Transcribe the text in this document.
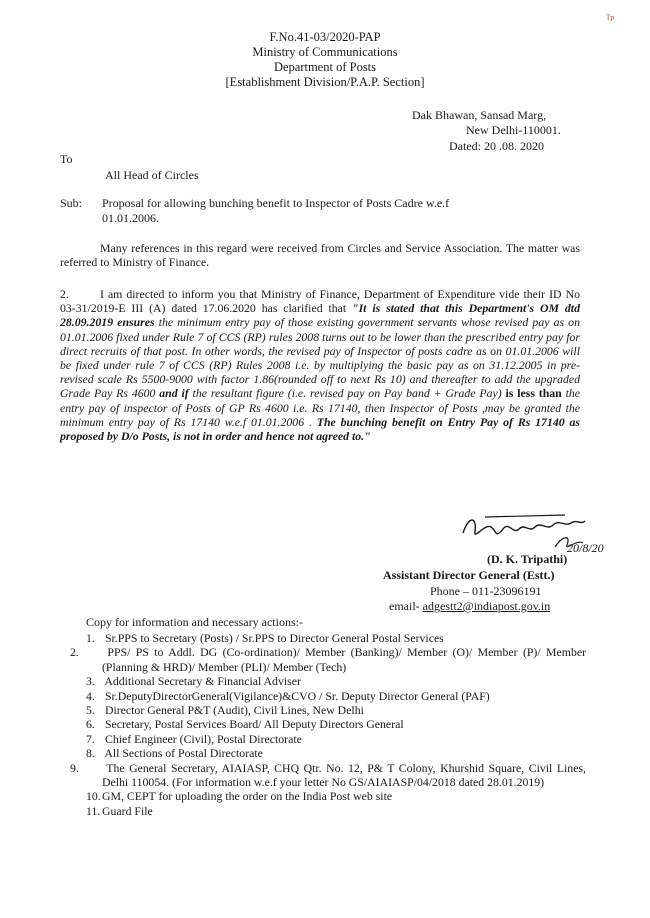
ᵀᵖ
F.No.41-03/2020-PAP
Ministry of Communications
Department of Posts
[Establishment Division/P.A.P. Section]
Dak Bhawan, Sansad Marg,
New Delhi-110001.
Dated: 20 .08. 2020
To
All Head of Circles
Sub: Proposal for allowing bunching benefit to Inspector of Posts Cadre w.e.f
01.01.2006.
Many references in this regard were received from Circles and Service Association. The matter was referred to Ministry of Finance.
2.	I am directed to inform you that Ministry of Finance, Department of Expenditure vide their ID No 03-31/2019-E III (A) dated 17.06.2020 has clarified that "It is stated that this Department's OM dtd 28.09.2019 ensures the minimum entry pay of those existing government servants whose revised pay as on 01.01.2006 fixed under Rule 7 of CCS (RP) rules 2008 turns out to be lower than the prescribed entry pay for direct recruits of that post. In other words, the revised pay of Inspector of posts cadre as on 01.01.2006 will be fixed under rule 7 of CCS (RP) Rules 2008 i.e. by multiplying the basic pay as on 31.12.2005 in pre-revised scale Rs 5500-9000 with factor 1.86(rounded off to next Rs 10) and thereafter to add the upgraded Grade Pay Rs 4600 and if the resultant figure (i.e. revised pay on Pay band + Grade Pay) is less than the entry pay of inspector of Posts of GP Rs 4600 i.e. Rs 17140, then Inspector of Posts ,may be granted the minimum entry pay of Rs 17140 w.e.f 01.01.2006 . The bunching benefit on Entry Pay of Rs 17140 as proposed by D/o Posts, is not in order and hence not agreed to."
20/8/20
(D. K. Tripathi)
Assistant Director General (Estt.)
Phone – 011-23096191
email- adgestt2@indiapost.gov.in
Copy for information and necessary actions:-
1. Sr.PPS to Secretary (Posts) / Sr.PPS to Director General Postal Services
2. PPS/ PS to Addl. DG (Co-ordination)/ Member (Banking)/ Member (O)/ Member (P)/ Member (Planning & HRD)/ Member (PLI)/ Member (Tech)
3. Additional Secretary & Financial Adviser
4. Sr.DeputyDirectorGeneral(Vigilance)&CVO / Sr. Deputy Director General (PAF)
5. Director General P&T (Audit), Civil Lines, New Delhi
6. Secretary, Postal Services Board/ All Deputy Directors General
7. Chief Engineer (Civil), Postal Directorate
8. All Sections of Postal Directorate
9. The General Secretary, AIAIASP, CHQ Qtr. No. 12, P& T Colony, Khurshid Square, Civil Lines, Delhi 110054. (For information w.e.f your letter No GS/AIAIASP/04/2018 dated 28.01.2019)
10.GM, CEPT for uploading the order on the India Post web site
11. Guard File
